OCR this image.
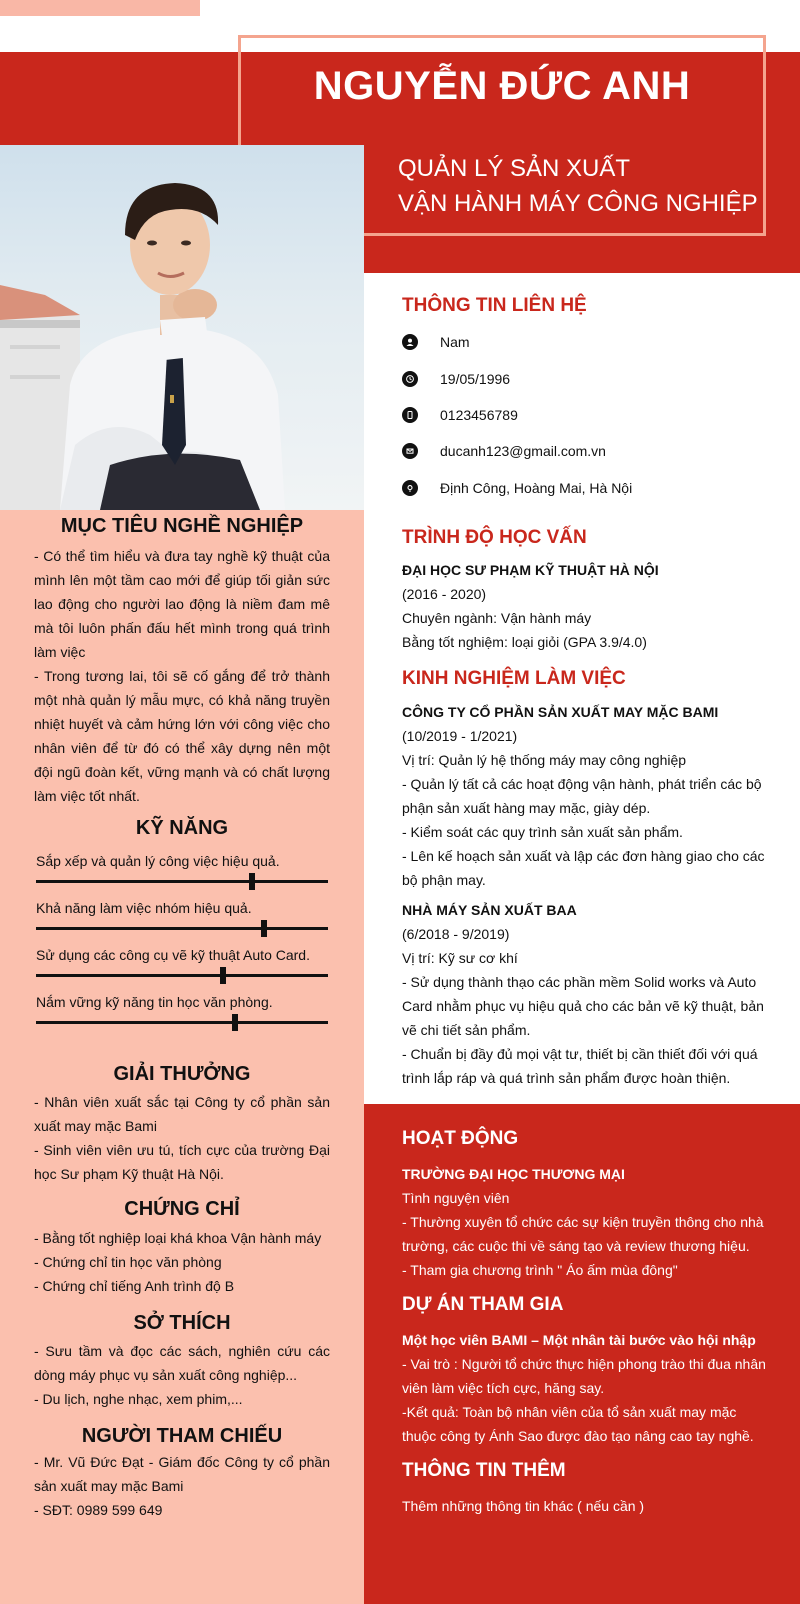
NGUYỄN ĐỨC ANH
QUẢN LÝ SẢN XUẤT
VẬN HÀNH MÁY CÔNG NGHIỆP
MỤC TIÊU NGHỀ NGHIỆP
- Có thể tìm hiểu và đưa tay nghề kỹ thuật của mình lên một tầm cao mới để giúp tối giản sức lao động cho người lao động là niềm đam mê mà tôi luôn phấn đấu hết mình trong quá trình làm việc
- Trong tương lai, tôi sẽ cố gắng để trở thành một nhà quản lý mẫu mực, có khả năng truyền nhiệt huyết và cảm hứng lớn với công việc cho nhân viên để từ đó có thể xây dựng nên một đội ngũ đoàn kết, vững mạnh và có chất lượng làm việc tốt nhất.
KỸ NĂNG
Sắp xếp và quản lý công việc hiệu quả.
Khả năng làm việc nhóm hiệu quả.
Sử dụng các công cụ vẽ kỹ thuật Auto Card.
Nắm vững kỹ năng tin học văn phòng.
GIẢI THƯỞNG
- Nhân viên xuất sắc tại Công ty cổ phần sản xuất may mặc Bami
- Sinh viên viên ưu tú, tích cực của trường Đại học Sư phạm Kỹ thuật Hà Nội.
CHỨNG CHỈ
- Bằng tốt nghiệp loại khá khoa Vận hành máy
- Chứng chỉ tin học văn phòng
- Chứng chỉ tiếng Anh trình độ B
SỞ THÍCH
- Sưu tầm và đọc các sách, nghiên cứu các dòng máy phục vụ sản xuất công nghiệp...
- Du lịch, nghe nhạc, xem phim,...
NGƯỜI THAM CHIẾU
- Mr. Vũ Đức Đạt - Giám đốc Công ty cổ phần sản xuất may mặc Bami
- SĐT: 0989 599 649
THÔNG TIN LIÊN HỆ
Nam
19/05/1996
0123456789
ducanh123@gmail.com.vn
Định Công, Hoàng Mai, Hà Nội
TRÌNH ĐỘ HỌC VẤN
ĐẠI HỌC SƯ PHẠM KỸ THUẬT HÀ NỘI
(2016 - 2020)
Chuyên ngành: Vận hành máy
Bằng tốt nghiệm: loại giỏi (GPA 3.9/4.0)
KINH NGHIỆM LÀM VIỆC
CÔNG TY CỔ PHẦN SẢN XUẤT MAY MẶC BAMI
(10/2019 - 1/2021)
Vị trí: Quản lý hệ thống máy may công nghiệp
- Quản lý tất cả các hoạt động vận hành, phát triển các bộ phận sản xuất hàng may mặc, giày dép.
- Kiểm soát các quy trình sản xuất sản phẩm.
- Lên kế hoạch sản xuất và lập các đơn hàng giao cho các bộ phận may.
NHÀ MÁY SẢN XUẤT BAA
(6/2018 - 9/2019)
Vị trí: Kỹ sư cơ khí
- Sử dụng thành thạo các phần mềm Solid works và Auto Card nhằm phục vụ hiệu quả cho các bản vẽ kỹ thuật, bản vẽ chi tiết sản phẩm.
- Chuẩn bị đầy đủ mọi vật tư, thiết bị cần thiết đối với quá trình lắp ráp và quá trình sản phẩm được hoàn thiện.
HOẠT ĐỘNG
TRƯỜNG ĐẠI HỌC THƯƠNG MẠI
Tình nguyện viên
- Thường xuyên tổ chức các sự kiện truyền thông cho nhà trường, các cuộc thi về sáng tạo và review thương hiệu.
- Tham gia chương trình " Áo ấm mùa đông"
DỰ ÁN THAM GIA
Một học viên BAMI – Một nhân tài bước vào hội nhập
- Vai trò : Người tổ chức thực hiện phong trào thi đua nhân viên làm việc tích cực, hăng say.
-Kết quả: Toàn bộ nhân viên của tổ sản xuất may mặc thuộc công ty Ánh Sao được đào tạo nâng cao tay nghề.
THÔNG TIN THÊM
Thêm những thông tin khác ( nếu cần )
